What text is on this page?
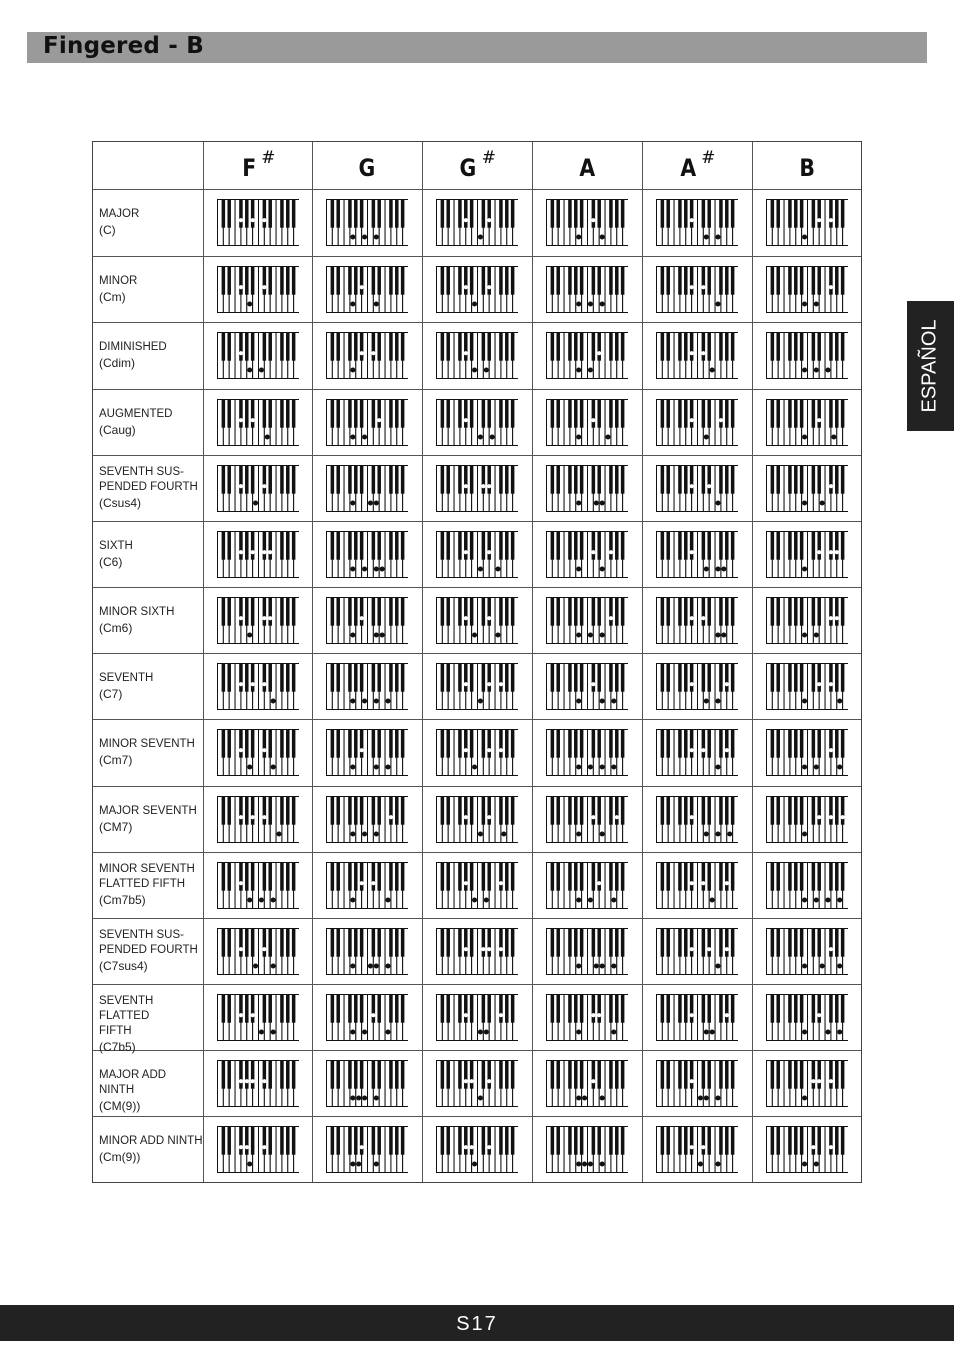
Fingered - B
ESPAÑOL
F #	G	G #	A	A #	B
MAJOR
(C)
MINOR
(Cm)
DIMINISHED
(Cdim)
AUGMENTED
(Caug)
SEVENTH SUS-
PENDED FOURTH
(Csus4)
SIXTH
(C6)
MINOR SIXTH
(Cm6)
SEVENTH
(C7)
MINOR SEVENTH
(Cm7)
MAJOR SEVENTH
(CM7)
MINOR SEVENTH
FLATTED FIFTH
(Cm7b5)
SEVENTH SUS-
PENDED FOURTH
(C7sus4)
SEVENTH FLATTED
FIFTH
(C7b5)
MAJOR ADD NINTH
(CM(9))
MINOR ADD NINTH
(Cm(9))
S17
